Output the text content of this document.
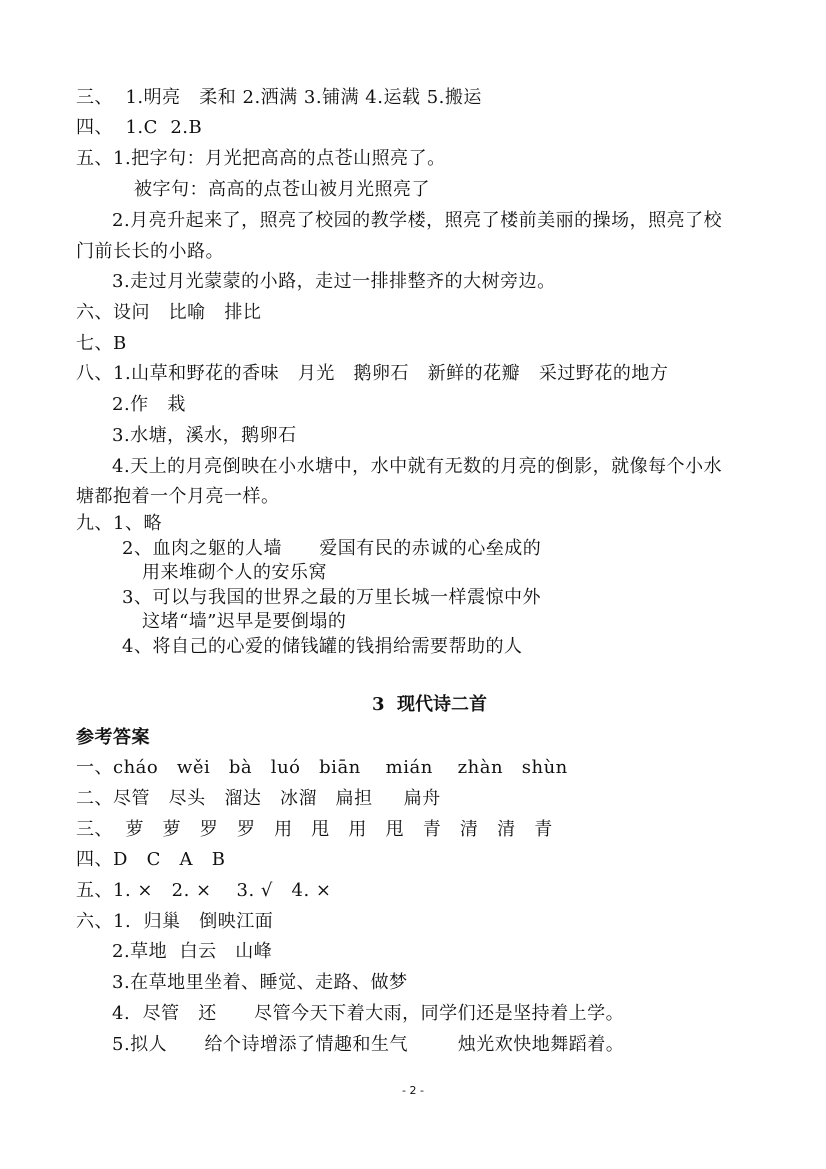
三、  1.明亮   柔和 2.洒满 3.铺满 4.运载 5.搬运
四、  1.C  2.B
五、1.把字句：月光把高高的点苍山照亮了。
被字句：高高的点苍山被月光照亮了
2.月亮升起来了，照亮了校园的教学楼，照亮了楼前美丽的操场，照亮了校
门前长长的小路。
3.走过月光蒙蒙的小路，走过一排排整齐的大树旁边。
六、设问   比喻   排比
七、B
八、1.山草和野花的香味   月光   鹅卵石   新鲜的花瓣   采过野花的地方
2.作   栽
3.水塘，溪水，鹅卵石
4.天上的月亮倒映在小水塘中，水中就有无数的月亮的倒影，就像每个小水
塘都抱着一个月亮一样。
九、1、略
2、血肉之躯的人墙      爱国有民的赤诚的心垒成的
用来堆砌个人的安乐窝
3、可以与我国的世界之最的万里长城一样震惊中外
这堵“墙”迟早是要倒塌的
4、将自己的心爱的储钱罐的钱捐给需要帮助的人
3  现代诗二首
参考答案
一、cháo   wěi   bà   luó   biān    mián    zhàn   shùn
二、尽管   尽头   溜达   冰溜   扁担     扁舟
三、  萝   萝   罗   罗   用   甩   用   甩   青   清   清   青
四、D   C   A   B
五、1. ×   2. ×    3. √   4. ×
六、1.  归巢   倒映江面
2.草地  白云   山峰
3.在草地里坐着、睡觉、走路、做梦
4.  尽管   还      尽管今天下着大雨，同学们还是坚持着上学。
5.拟人      给个诗增添了情趣和生气        烛光欢快地舞蹈着。
- 2 -
